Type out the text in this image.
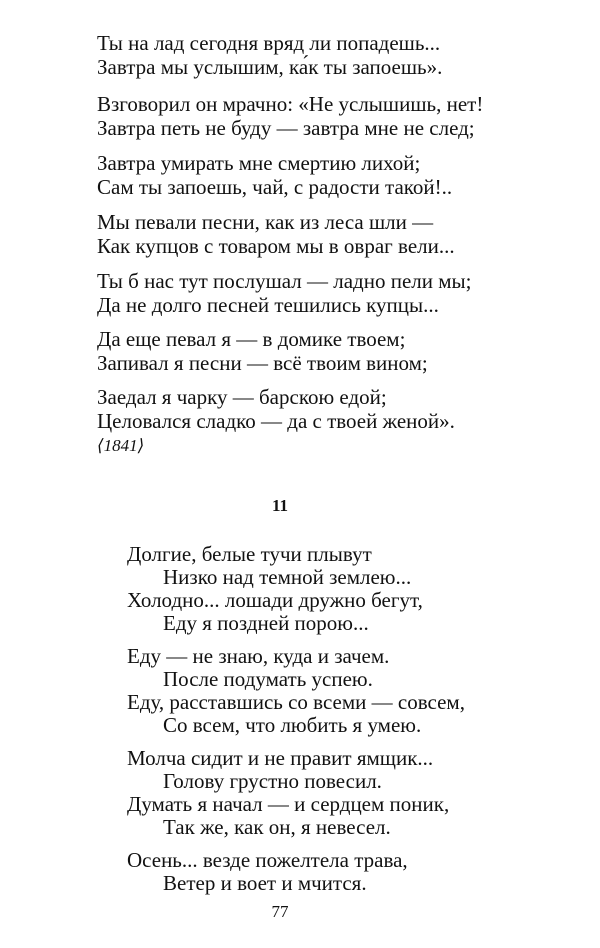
Ты на лад сегодня вряд ли попадешь...
Завтра мы услышим, ка́к ты запоешь».
Взговорил он мрачно: «Не услышишь, нет!
Завтра петь не буду — завтра мне не след;
Завтра умирать мне смертию лихой;
Сам ты запоешь, чай, с радости такой!..
Мы певали песни, как из леса шли —
Как купцов с товаром мы в овраг вели...
Ты б нас тут послушал — ладно пели мы;
Да не долго песней тешились купцы...
Да еще певал я — в домике твоем;
Запивал я песни — всё твоим вином;
Заедал я чарку — барскою едой;
Целовался сладко — да с твоей женой».
⟨1841⟩
11
Долгие, белые тучи плывут
Низко над темной землею...
Холодно... лошади дружно бегут,
Еду я поздней порою...
Еду — не знаю, куда и зачем.
После подумать успею.
Еду, расставшись со всеми — совсем,
Со всем, что любить я умею.
Молча сидит и не правит ямщик...
Голову грустно повесил.
Думать я начал — и сердцем поник,
Так же, как он, я невесел.
Осень... везде пожелтела трава,
Ветер и воет и мчится.
77
